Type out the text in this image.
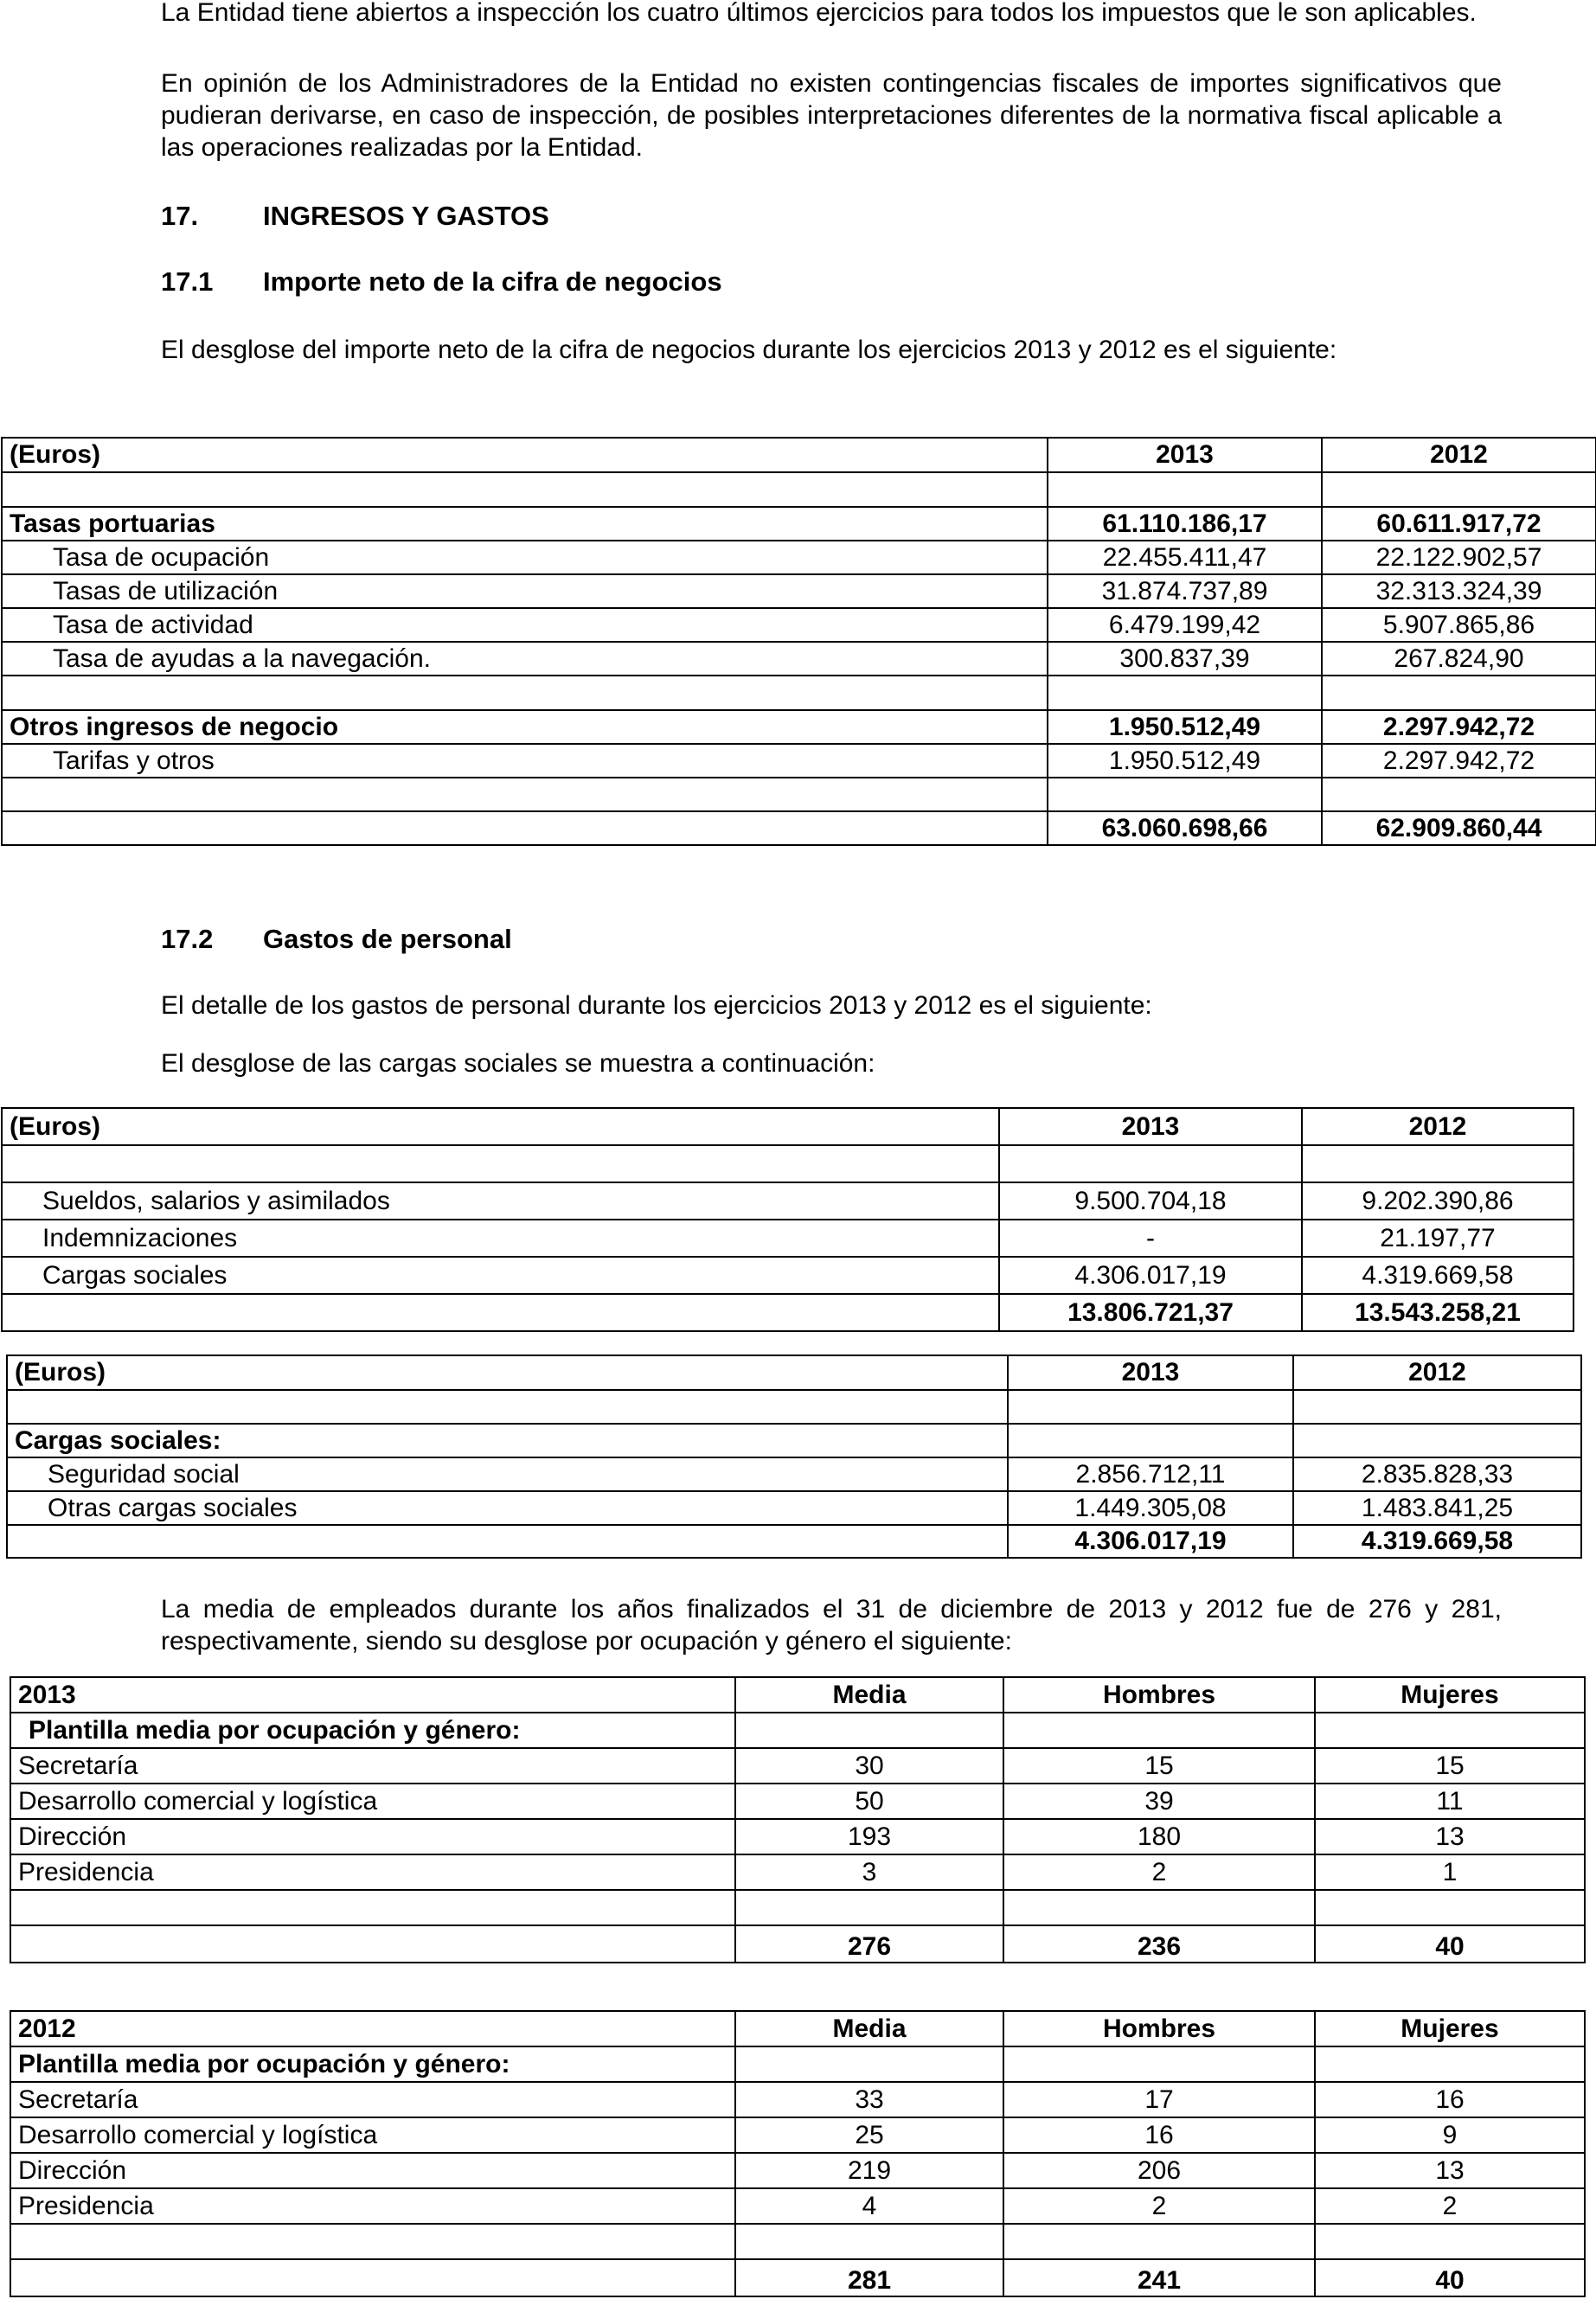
La Entidad tiene abiertos a inspección los cuatro últimos ejercicios para todos los impuestos que le son aplicables.

En opinión de los Administradores de la Entidad no existen contingencias fiscales de importes significativos que pudieran derivarse, en caso de inspección, de posibles interpretaciones diferentes de la normativa fiscal aplicable a las operaciones realizadas por la Entidad.

17. INGRESOS Y GASTOS
17.1 Importe neto de la cifra de negocios

El desglose del importe neto de la cifra de negocios durante los ejercicios 2013 y 2012 es el siguiente:

(Euros)	2013	2012

Tasas portuarias	61.110.186,17	60.611.917,72
Tasa de ocupación	22.455.411,47	22.122.902,57
Tasas de utilización	31.874.737,89	32.313.324,39
Tasa de actividad	6.479.199,42	5.907.865,86
Tasa de ayudas a la navegación.	300.837,39	267.824,90

Otros ingresos de negocio	1.950.512,49	2.297.942,72
Tarifas y otros	1.950.512,49	2.297.942,72

	63.060.698,66	62.909.860,44
17.2 Gastos de personal

El detalle de los gastos de personal durante los ejercicios 2013 y 2012 es el siguiente:

El desglose de las cargas sociales se muestra a continuación:

(Euros)	2013	2012

Sueldos, salarios y asimilados	9.500.704,18	9.202.390,86
Indemnizaciones	-	21.197,77
Cargas sociales	4.306.017,19	4.319.669,58
	13.806.721,37	13.543.258,21
(Euros)	2013	2012

Cargas sociales:		
Seguridad social	2.856.712,11	2.835.828,33
Otras cargas sociales	1.449.305,08	1.483.841,25
	4.306.017,19	4.319.669,58

La media de empleados durante los años finalizados el 31 de diciembre de 2013 y 2012 fue de 276 y 281, respectivamente, siendo su desglose por ocupación y género el siguiente:

2013	Media	Hombres	Mujeres
Plantilla media por ocupación y género:			
Secretaría	30	15	15
Desarrollo comercial y logística	50	39	11
Dirección	193	180	13
Presidencia	3	2	1

	276	236	40
2012	Media	Hombres	Mujeres
Plantilla media por ocupación y género:			
Secretaría	33	17	16
Desarrollo comercial y logística	25	16	9
Dirección	219	206	13
Presidencia	4	2	2

	281	241	40
